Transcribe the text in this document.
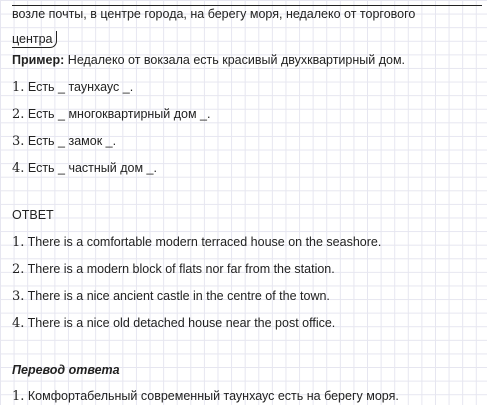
возле почты, в центре города, на берегу моря, недалеко от торгового
центра
Пример: Недалеко от вокзала есть красивый двухквартирный дом.
1. Есть _ таунхаус _.
2. Есть _ многоквартирный дом _.
3. Есть _ замок _.
4. Есть _ частный дом _.
ОТВЕТ
1. There is a comfortable modern terraced house on the seashore.
2. There is a modern block of flats nor far from the station.
3. There is a nice ancient castle in the centre of the town.
4. There is a nice old detached house near the post office.
Перевод ответа
1. Комфортабельный современный таунхаус есть на берегу моря.
